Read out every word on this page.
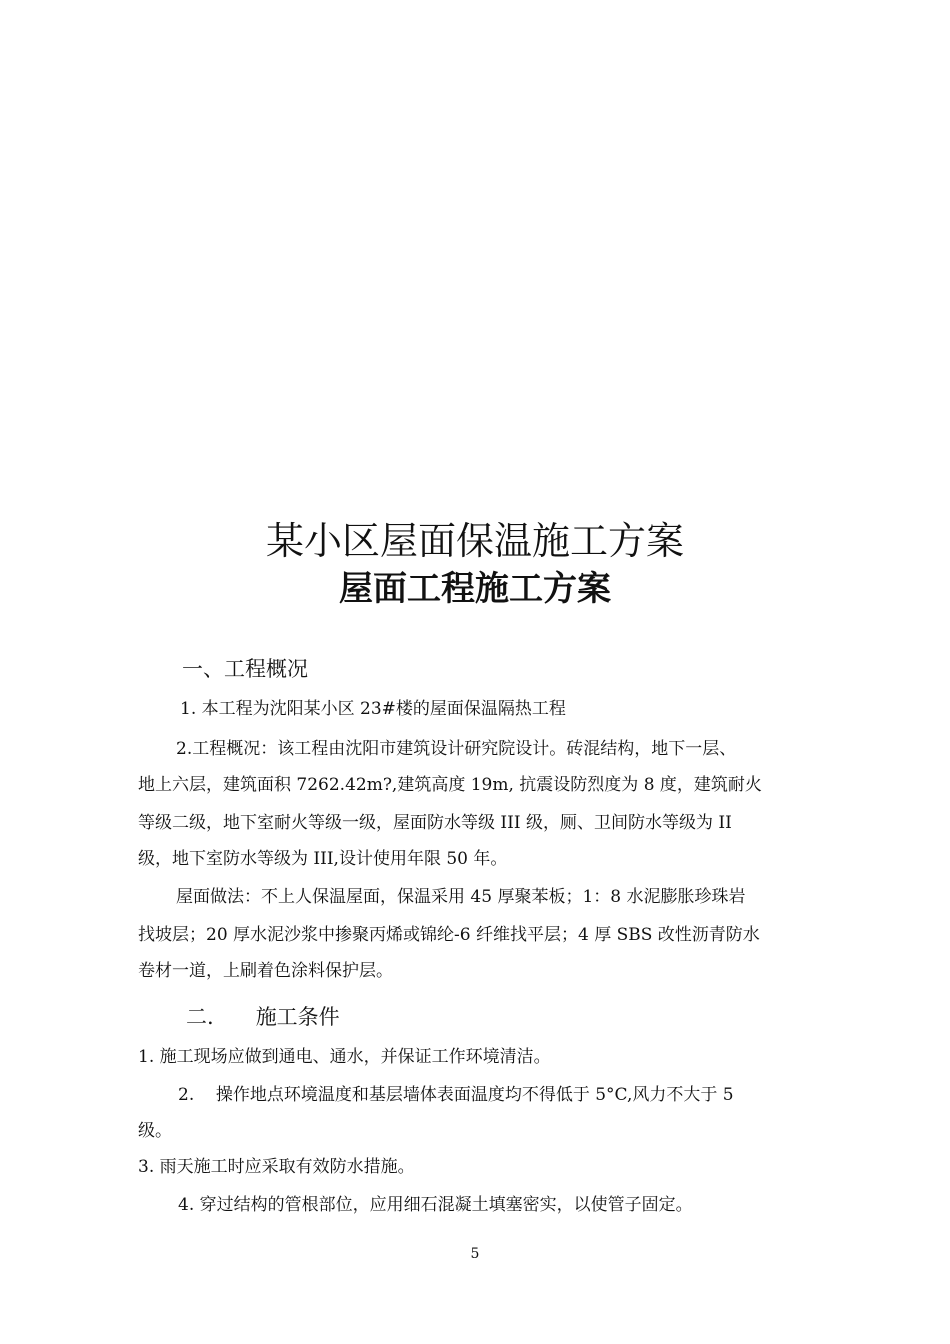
某小区屋面保温施工方案
屋面工程施工方案
一、工程概况
1. 本工程为沈阳某小区 23#楼的屋面保温隔热工程
2.工程概况：该工程由沈阳市建筑设计研究院设计。砖混结构，地下一层、
地上六层，建筑面积 7262.42m?,建筑高度 19m, 抗震设防烈度为 8 度，建筑耐火
等级二级，地下室耐火等级一级，屋面防水等级 III 级，厕、卫间防水等级为 II
级，地下室防水等级为 III,设计使用年限 50 年。
屋面做法：不上人保温屋面，保温采用 45 厚聚苯板；1：8 水泥膨胀珍珠岩
找坡层；20 厚水泥沙浆中掺聚丙烯或锦纶-6 纤维找平层；4 厚 SBS 改性沥青防水
卷材一道，上刷着色涂料保护层。
二. 施工条件
1. 施工现场应做到通电、通水，并保证工作环境清洁。
2.    操作地点环境温度和基层墙体表面温度均不得低于 5°C,风力不大于 5
级。
3. 雨天施工时应采取有效防水措施。
4. 穿过结构的管根部位，应用细石混凝土填塞密实，以使管子固定。
5
